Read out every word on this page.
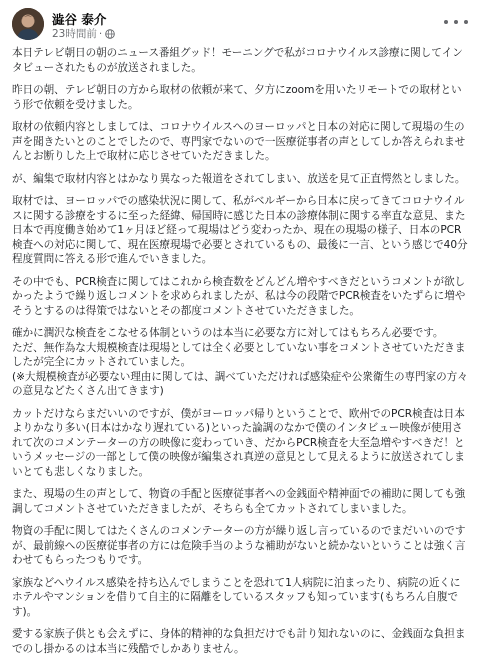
澁谷 泰介
23時間前 ·

本日テレビ朝日の朝のニュース番組グッド！モーニングで私がコロナウイルス診療に関してインタビューされたものが放送されました。

昨日の朝、テレビ朝日の方から取材の依頼が来て、夕方にzoomを用いたリモートでの取材という形で依頼を受けました。

取材の依頼内容としましては、コロナウイルスへのヨーロッパと日本の対応に関して現場の生の声を聞きたいとのことでしたので、専門家でないので一医療従事者の声としてしか答えられませんとお断りした上で取材に応じさせていただきました。

が、編集で取材内容とはかなり異なった報道をされてしまい、放送を見て正直愕然としました。

取材では、ヨーロッパでの感染状況に関して、私がベルギーから日本に戻ってきてコロナウイルスに関する診療をするに至った経緯、帰国時に感じた日本の診療体制に関する率直な意見、また日本で再度働き始めて1ヶ月ほど経って現場はどう変わったか、現在の現場の様子、日本のPCR検査への対応に関して、現在医療現場で必要とされているもの、最後に一言、という感じで40分程度質問に答える形で進んでいきました。

その中でも、PCR検査に関してはこれから検査数をどんどん増やすべきだというコメントが欲しかったようで繰り返しコメントを求められましたが、私は今の段階でPCR検査をいたずらに増やそうとするのは得策ではないとその都度コメントさせていただきました。

確かに潤沢な検査をこなせる体制というのは本当に必要な方に対してはもちろん必要です。
ただ、無作為な大規模検査は現場としては全く必要としていない事をコメントさせていただきましたが完全にカットされていました。
(※大規模検査が必要ない理由に関しては、調べていただければ感染症や公衆衛生の専門家の方々の意見などたくさん出てきます)

カットだけならまだいいのですが、僕がヨーロッパ帰りということで、欧州でのPCR検査は日本よりかなり多い(日本はかなり遅れている)といった論調のなかで僕のインタビュー映像が使用されて次のコメンテーターの方の映像に変わっていき、だからPCR検査を大至急増やすべきだ！というメッセージの一部として僕の映像が編集され真逆の意見として見えるように放送されてしまいとても悲しくなりました。

また、現場の生の声として、物資の手配と医療従事者への金銭面や精神面での補助に関しても強調してコメントさせていただきましたが、そちらも全てカットされてしまいました。

物資の手配に関してはたくさんのコメンテーターの方が繰り返し言っているのでまだいいのですが、最前線への医療従事者の方には危険手当のような補助がないと続かないということは強く言わせてもらったつもりです。

家族などへウイルス感染を持ち込んでしまうことを恐れて1人病院に泊まったり、病院の近くにホテルやマンションを借りて自主的に隔離をしているスタッフも知っています(もちろん自腹です)。

愛する家族子供とも会えずに、身体的精神的な負担だけでも計り知れないのに、金銭面な負担までのし掛かるのは本当に残酷でしかありません。
